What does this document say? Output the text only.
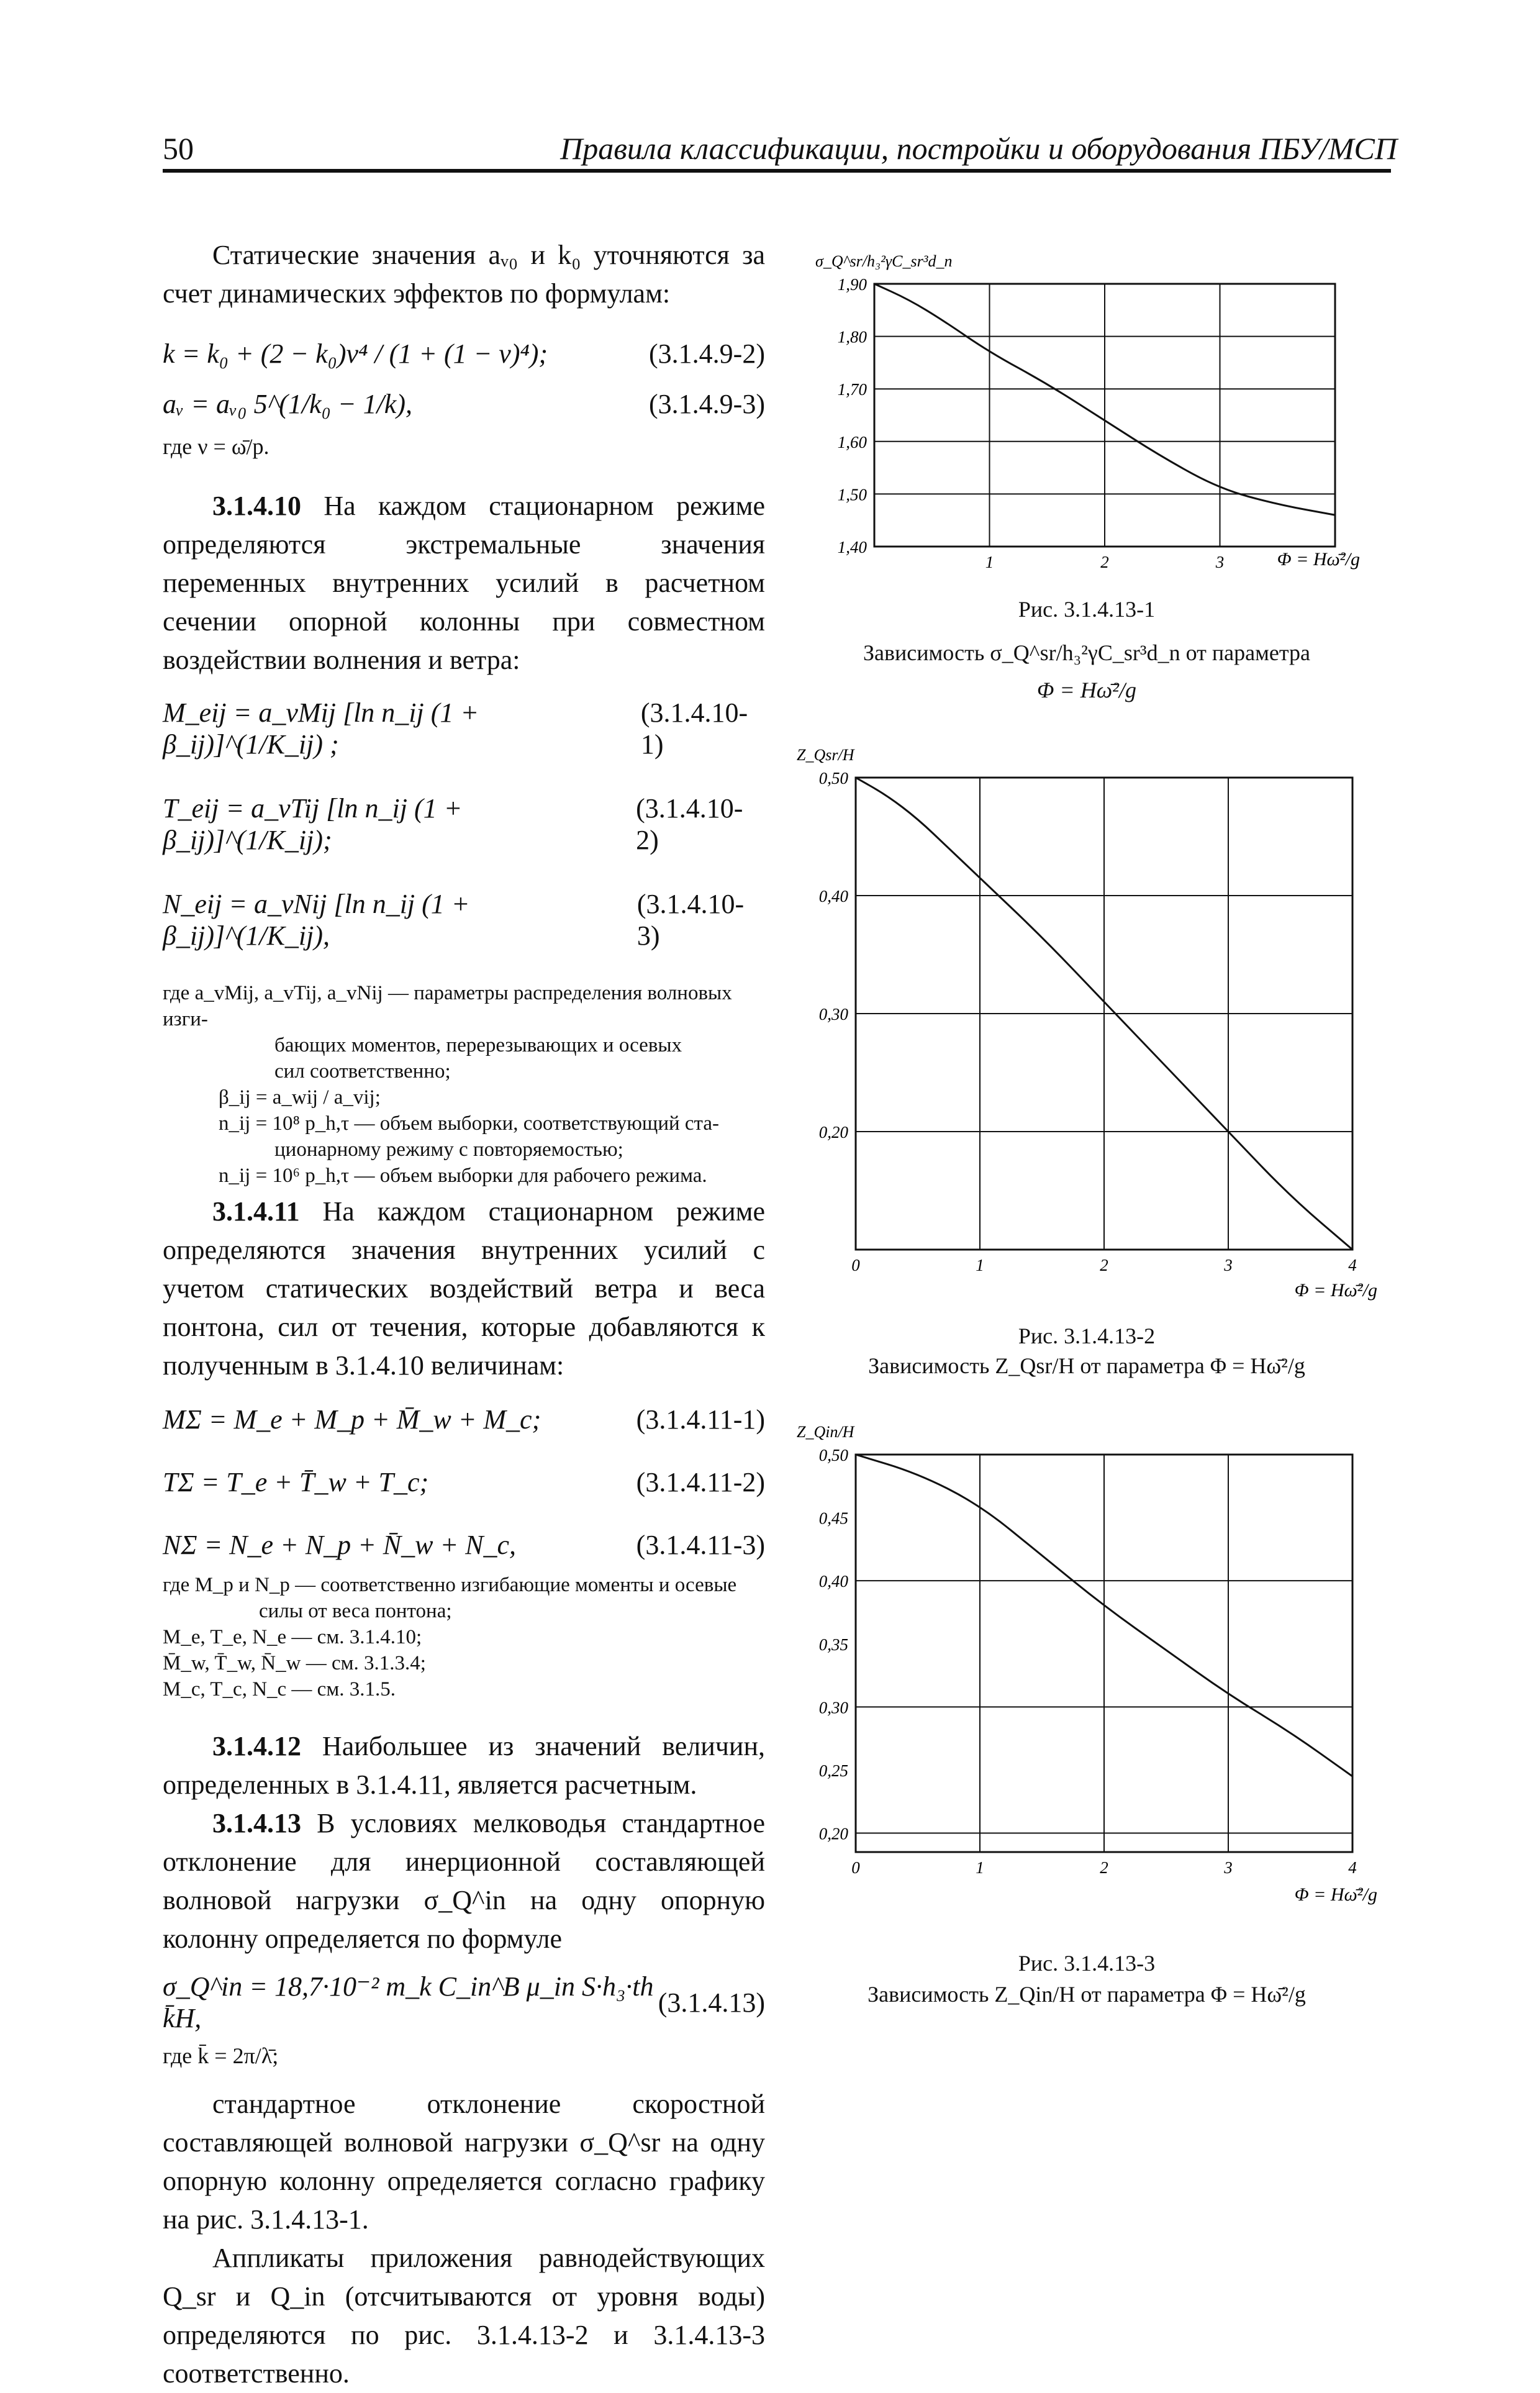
50	Правила классификации, постройки и оборудования ПБУ/МСП

Статические значения aᵥ₀ и k₀ уточняются за счет динамических эффектов по формулам:

k = k₀ + (2 − k₀)ν⁴ / (1 + (1 − ν)⁴);	(3.1.4.9-2)
aᵥ = aᵥ₀ 5^(1/k₀ − 1/k),	(3.1.4.9-3)

где ν = ω̄/p.

3.1.4.10 На каждом стационарном режиме определяются экстремальные значения переменных внутренних усилий в расчетном сечении опорной колонны при совместном воздействии волнения и ветра:

M_eij = a_vMij [ln n_ij (1 + β_ij)]^(1/K_ij) ;
(3.1.4.10-1)
T_eij = a_vTij [ln n_ij (1 + β_ij)]^(1/K_ij);
(3.1.4.10-2)
N_eij = a_vNij [ln n_ij (1 + β_ij)]^(1/K_ij),
(3.1.4.10-3)

где a_vMij, a_vTij, a_vNij — параметры распределения волновых изги-

бающих моментов, перерезывающих и осевых

сил соответственно;

β_ij = a_wij / a_vij;

n_ij = 10⁸ p_h,τ — объем выборки, соответствующий ста-

ционарному режиму с повторяемостью;

n_ij = 10⁶ p_h,τ — объем выборки для рабочего режима.

3.1.4.11 На каждом стационарном режиме определяются значения внутренних усилий с учетом статических воздействий ветра и веса понтона, сил от течения, которые добавляются к полученным в 3.1.4.10 величинам:

MΣ = M_e + M_p + M̄_w + M_c;	(3.1.4.11-1)
TΣ = T_e + T̄_w + T_c;	(3.1.4.11-2)
NΣ = N_e + N_p + N̄_w + N_c,	(3.1.4.11-3)

где M_p и N_p — соответственно изгибающие моменты и осевые

силы от веса понтона;

M_e, T_e, N_e — см. 3.1.4.10;

M̄_w, T̄_w, N̄_w — см. 3.1.3.4;

M_c, T_c, N_c — см. 3.1.5.

3.1.4.12 Наибольшее из значений величин, определенных в 3.1.4.11, является расчетным.

3.1.4.13 В условиях мелководья стандартное отклонение для инерционной составляющей волновой нагрузки σ_Q^in на одну опорную колонну определяется по формуле

σ_Q^in = 18,7·10⁻² m_k C_in^B μ_in S·h₃·th k̄H,
(3.1.4.13)

где k̄ = 2π/λ̄;

стандартное отклонение скоростной составляющей волновой нагрузки σ_Q^sr на одну опорную колонну определяется согласно графику на рис. 3.1.4.13-1.

Аппликаты приложения равнодействующих Q_sr и Q_in (отсчитываются от уровня воды) определяются по рис. 3.1.4.13-2 и 3.1.4.13-3 соответственно.

1,40
1,50
1,60
1,70
1,80
1,90
1	2	3
σ_Q^sr/h₃²γC_sr³d_n
Φ = Hω̄²/g
Рис. 3.1.4.13-1
Зависимость σ_Q^sr/h₃²γC_sr³d_n от параметра
Φ = Hω̄²/g
0,50
0,40
0,30
0,20
0	1	2	3	4
Z_Qsr/H
Φ = Hω̄²/g
Рис. 3.1.4.13-2
Зависимость Z_Qsr/H от параметра Φ = Hω̄²/g
0,50
0,45
0,40
0,35
0,30
0,25
0,20
0	1	2	3	4
Z_Qin/H
Φ = Hω̄²/g
Рис. 3.1.4.13-3
Зависимость Z_Qin/H от параметра Φ = Hω̄²/g
